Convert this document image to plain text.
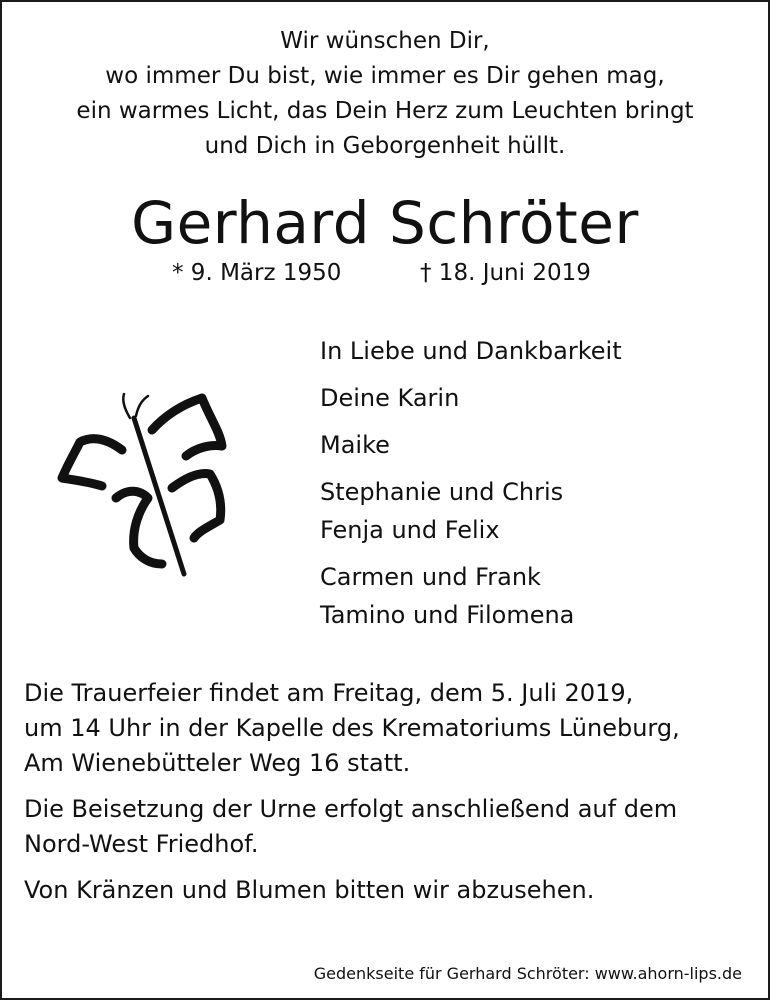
Wir wünschen Dir,
wo immer Du bist, wie immer es Dir gehen mag,
ein warmes Licht, das Dein Herz zum Leuchten bringt
und Dich in Geborgenheit hüllt.
Gerhard Schröter
* 9. März 1950	† 18. Juni 2019
In Liebe und Dankbarkeit
Deine Karin
Maike
Stephanie und Chris
Fenja und Felix
Carmen und Frank
Tamino und Filomena

Die Trauerfeier findet am Freitag, dem 5. Juli 2019,
um 14 Uhr in der Kapelle des Krematoriums Lüneburg,
Am Wienebütteler Weg 16 statt.

Die Beisetzung der Urne erfolgt anschließend auf dem
Nord-West Friedhof.

Von Kränzen und Blumen bitten wir abzusehen.

Gedenkseite für Gerhard Schröter: www.ahorn-lips.de
